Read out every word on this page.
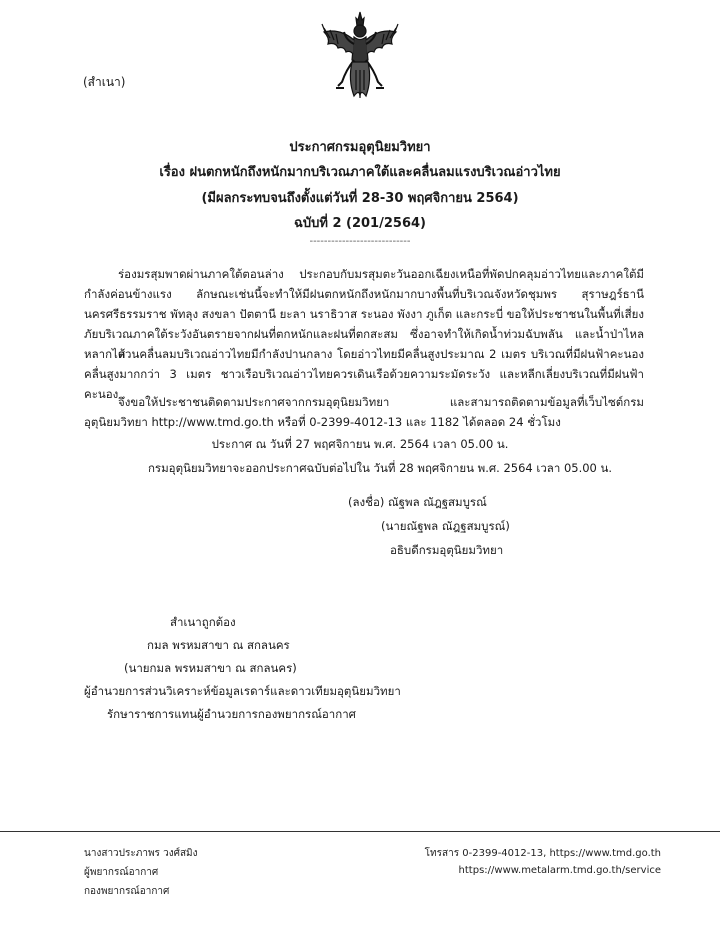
(สำเนา)
ประกาศกรมอุตุนิยมวิทยา
เรื่อง ฝนตกหนักถึงหนักมากบริเวณภาคใต้และคลื่นลมแรงบริเวณอ่าวไทย
(มีผลกระทบจนถึงตั้งแต่วันที่ 28-30 พฤศจิกายน 2564)
ฉบับที่ 2 (201/2564)
----------------------------

ร่องมรสุมพาดผ่านภาคใต้ตอนล่าง ประกอบกับมรสุมตะวันออกเฉียงเหนือที่พัดปกคลุมอ่าวไทยและภาคใต้มีกำลังค่อนข้างแรง ลักษณะเช่นนี้จะทำให้มีฝนตกหนักถึงหนักมากบางพื้นที่บริเวณจังหวัดชุมพร สุราษฎร์ธานี นครศรีธรรมราช พัทลุง สงขลา ปัตตานี ยะลา นราธิวาส ระนอง พังงา ภูเก็ต และกระบี่ ขอให้ประชาชนในพื้นที่เสี่ยงภัยบริเวณภาคใต้ระวังอันตรายจากฝนที่ตกหนักและฝนที่ตกสะสม ซึ่งอาจทำให้เกิดน้ำท่วมฉับพลัน และน้ำป่าไหลหลากได้

ส่วนคลื่นลมบริเวณอ่าวไทยมีกำลังปานกลาง โดยอ่าวไทยมีคลื่นสูงประมาณ 2 เมตร บริเวณที่มีฝนฟ้าคะนองคลื่นสูงมากกว่า 3 เมตร ชาวเรือบริเวณอ่าวไทยควรเดินเรือด้วยความระมัดระวัง และหลีกเลี่ยงบริเวณที่มีฝนฟ้าคะนอง

จึงขอให้ประชาชนติดตามประกาศจากกรมอุตุนิยมวิทยา และสามารถติดตามข้อมูลที่เว็บไซต์กรมอุตุนิยมวิทยา http://www.tmd.go.th หรือที่ 0-2399-4012-13 และ 1182 ได้ตลอด 24 ชั่วโมง

ประกาศ ณ วันที่ 27 พฤศจิกายน พ.ศ. 2564 เวลา 05.00 น.
กรมอุตุนิยมวิทยาจะออกประกาศฉบับต่อไปใน วันที่ 28 พฤศจิกายน พ.ศ. 2564 เวลา 05.00 น.
(ลงชื่อ) ณัฐพล ณัฎฐสมบูรณ์
(นายณัฐพล ณัฎฐสมบูรณ์)
อธิบดีกรมอุตุนิยมวิทยา
สำเนาถูกต้อง
กมล พรหมสาขา ณ สกลนคร
(นายกมล พรหมสาขา ณ สกลนคร)
ผู้อำนวยการส่วนวิเคราะห์ข้อมูลเรดาร์และดาวเทียมอุตุนิยมวิทยา
รักษาราชการแทนผู้อำนวยการกองพยากรณ์อากาศ
นางสาวประภาพร วงศ์สมิง
ผู้พยากรณ์อากาศ
กองพยากรณ์อากาศ
โทรสาร 0-2399-4012-13, https://www.tmd.go.th
https://www.metalarm.tmd.go.th/service
